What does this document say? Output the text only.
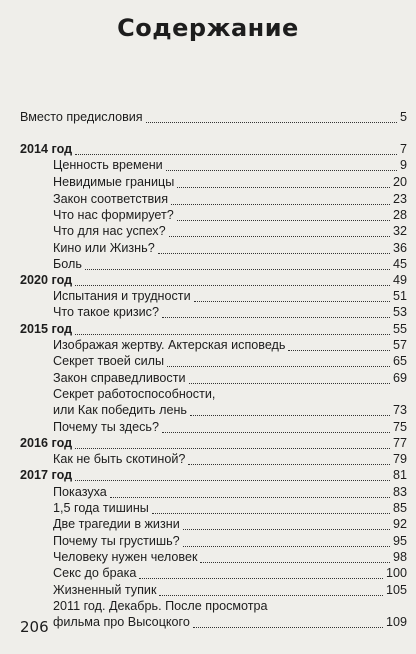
Содержание
Вместо предисловия	5
2014 год	7
Ценность времени	9
Невидимые границы	20
Закон соответствия	23
Что нас формирует?	28
Что для нас успех?	32
Кино или Жизнь?	36
Боль	45
2020 год	49
Испытания и трудности	51
Что такое кризис?	53
2015 год	55
Изображая жертву. Актерская исповедь	57
Секрет твоей силы	65
Закон справедливости	69
Секрет работоспособности,
или Как победить лень	73
Почему ты здесь?	75
2016 год	77
Как не быть скотиной?	79
2017 год	81
Показуха	83
1,5 года тишины	85
Две трагедии в жизни	92
Почему ты грустишь?	95
Человеку нужен человек	98
Секс до брака	100
Жизненный тупик	105
2011 год. Декабрь. После просмотра
фильма про Высоцкого	109
206
